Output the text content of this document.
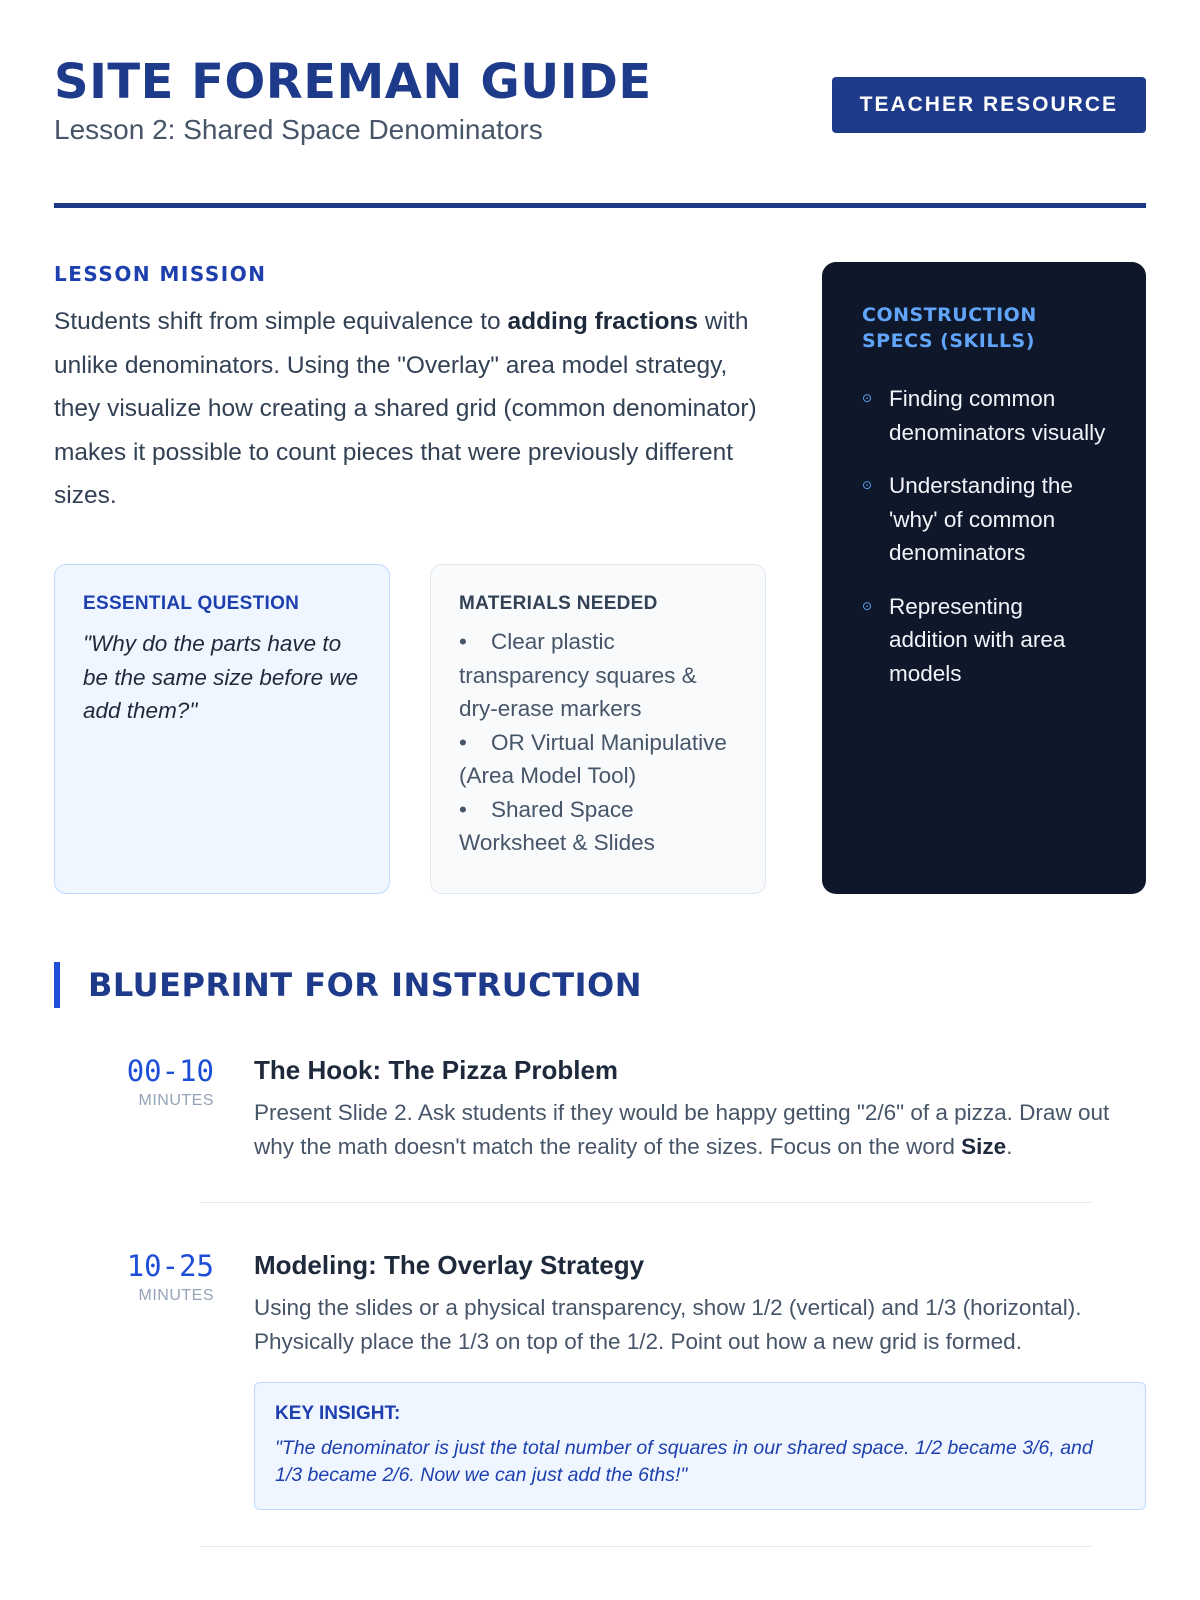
SITE FOREMAN GUIDE
Lesson 2: Shared Space Denominators
TEACHER RESOURCE
LESSON MISSION

Students shift from simple equivalence to adding fractions with unlike denominators. Using the "Overlay" area model strategy, they visualize how creating a shared grid (common denominator) makes it possible to count pieces that were previously different sizes.

ESSENTIAL QUESTION
"Why do the parts have to be the same size before we add them?"
MATERIALS NEEDED
• Clear plastic transparency squares & dry-erase markers
• OR Virtual Manipulative (Area Model Tool)
• Shared Space Worksheet & Slides
CONSTRUCTION SPECS (SKILLS)
⊙ Finding common denominators visually
⊙ Understanding the 'why' of common denominators
⊙ Representing addition with area models
BLUEPRINT FOR INSTRUCTION
00-10
MINUTES
The Hook: The Pizza Problem

Present Slide 2. Ask students if they would be happy getting "2/6" of a pizza. Draw out why the math doesn't match the reality of the sizes. Focus on the word Size.

10-25
MINUTES
Modeling: The Overlay Strategy

Using the slides or a physical transparency, show 1/2 (vertical) and 1/3 (horizontal). Physically place the 1/3 on top of the 1/2. Point out how a new grid is formed.

KEY INSIGHT:
"The denominator is just the total number of squares in our shared space. 1/2 became 3/6, and 1/3 became 2/6. Now we can just add the 6ths!"
